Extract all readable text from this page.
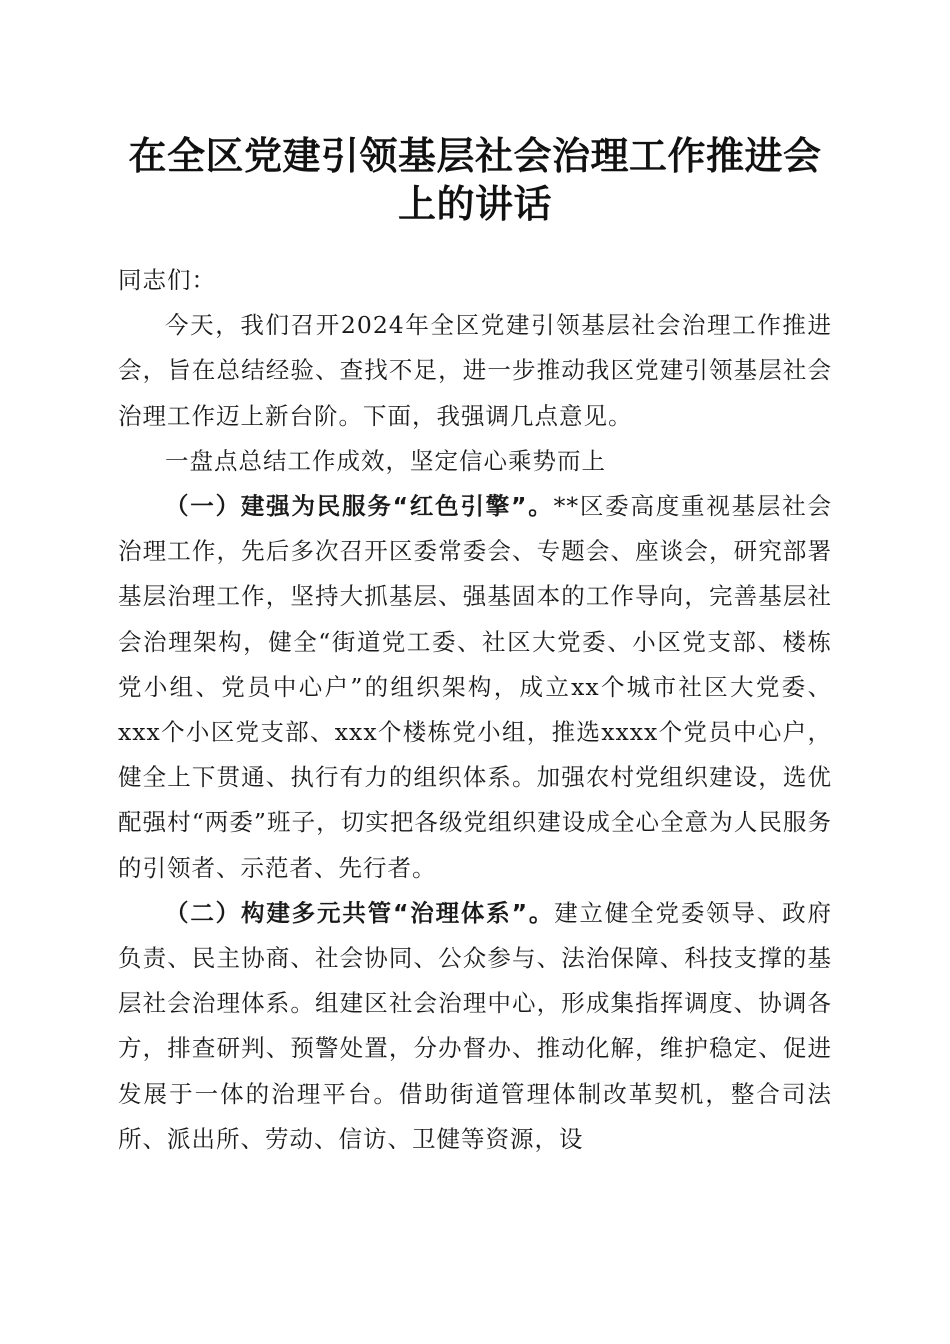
在全区党建引领基层社会治理工作推进会上的讲话

同志们：

今天，我们召开2024年全区党建引领基层社会治理工作推进会，旨在总结经验、查找不足，进一步推动我区党建引领基层社会治理工作迈上新台阶。下面，我强调几点意见。

一盘点总结工作成效，坚定信心乘势而上

（一）建强为民服务“红色引擎”。**区委高度重视基层社会治理工作，先后多次召开区委常委会、专题会、座谈会，研究部署基层治理工作，坚持大抓基层、强基固本的工作导向，完善基层社会治理架构，健全“街道党工委、社区大党委、小区党支部、楼栋党小组、党员中心户”的组织架构，成立xx个城市社区大党委、xxx个小区党支部、xxx个楼栋党小组，推选xxxx个党员中心户，健全上下贯通、执行有力的组织体系。加强农村党组织建设，选优配强村“两委”班子，切实把各级党组织建设成全心全意为人民服务的引领者、示范者、先行者。

（二）构建多元共管“治理体系”。建立健全党委领导、政府负责、民主协商、社会协同、公众参与、法治保障、科技支撑的基层社会治理体系。组建区社会治理中心，形成集指挥调度、协调各方，排查研判、预警处置，分办督办、推动化解，维护稳定、促进发展于一体的治理平台。借助街道管理体制改革契机，整合司法所、派出所、劳动、信访、卫健等资源，设
